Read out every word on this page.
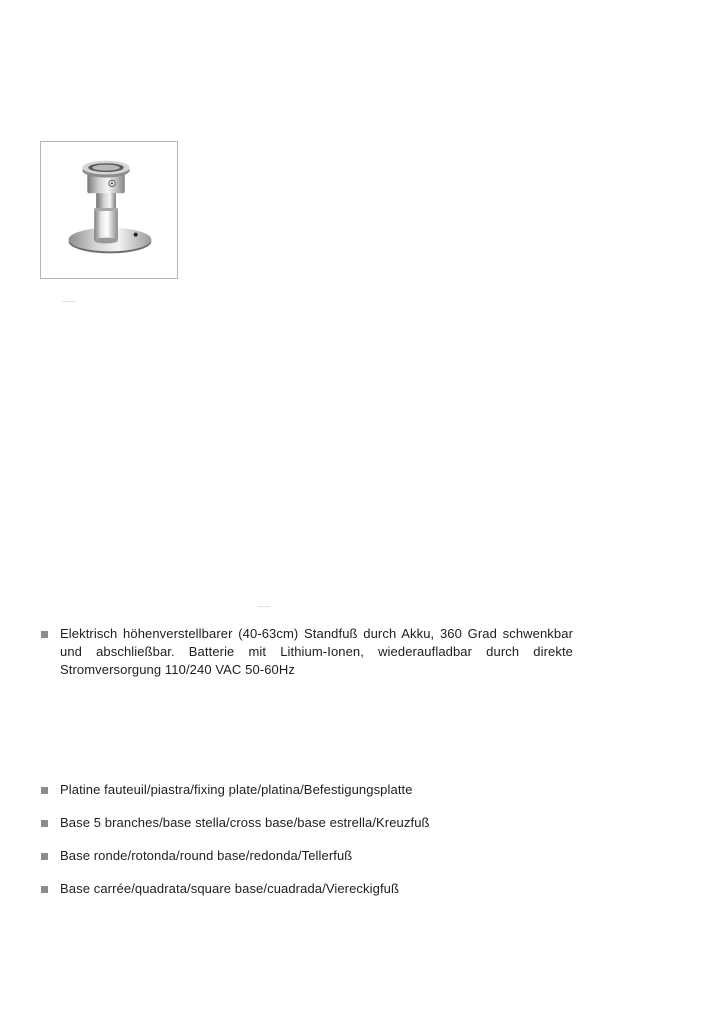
Elektrisch höhenverstellbarer (40-63cm) Standfuß durch Akku, 360 Grad schwenkbar und abschließbar. Batterie mit Lithium-Ionen, wiederaufladbar durch direkte Stromversorgung 110/240 VAC 50-60Hz
Platine fauteuil/piastra/fixing plate/platina/Befestigungsplatte
Base 5 branches/base stella/cross base/base estrella/Kreuzfuß
Base ronde/rotonda/round base/redonda/Tellerfuß
Base carrée/quadrata/square base/cuadrada/Viereckigfuß
